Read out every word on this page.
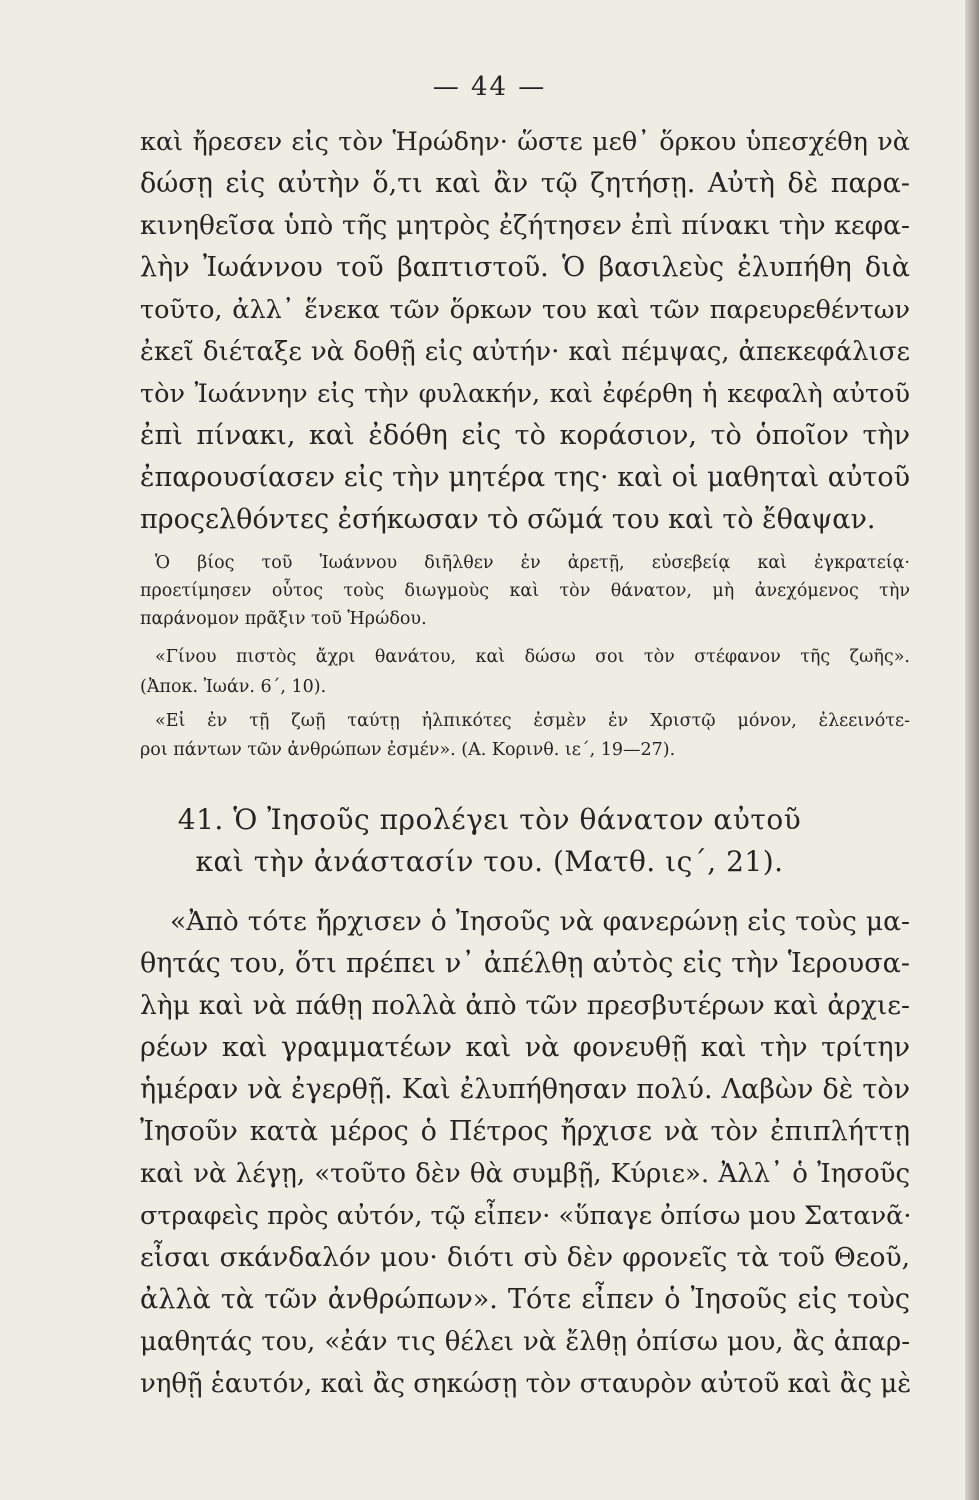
— 44 —

καὶ ἤρεσεν εἰς τὸν Ἡρώδην· ὥστε μεθ᾽ ὅρκου ὑπεσχέθη νὰ

δώσῃ εἰς αὐτὴν ὅ,τι καὶ ἂν τῷ ζητήσῃ. Αὐτὴ δὲ παρα-

κινηθεῖσα ὑπὸ τῆς μητρὸς ἐζήτησεν ἐπὶ πίνακι τὴν κεφα-

λὴν Ἰωάννου τοῦ βαπτιστοῦ. Ὁ βασιλεὺς ἐλυπήθη διὰ

τοῦτο, ἀλλ᾽ ἕνεκα τῶν ὅρκων του καὶ τῶν παρευρεθέντων

ἐκεῖ διέταξε νὰ δοθῇ εἰς αὐτήν· καὶ πέμψας, ἀπεκεφάλισε

τὸν Ἰωάννην εἰς τὴν φυλακήν, καὶ ἐφέρθη ἡ κεφαλὴ αὐτοῦ

ἐπὶ πίνακι, καὶ ἐδόθη εἰς τὸ κοράσιον, τὸ ὁποῖον τὴν

ἐπαρουσίασεν εἰς τὴν μητέρα της· καὶ οἱ μαθηταὶ αὐτοῦ

προςελθόντες ἐσήκωσαν τὸ σῶμά του καὶ τὸ ἔθαψαν.

Ὁ βίος τοῦ Ἰωάννου διῆλθεν ἐν ἀρετῇ, εὐσεβείᾳ καὶ ἐγκρατείᾳ·

προετίμησεν οὗτος τοὺς διωγμοὺς καὶ τὸν θάνατον, μὴ ἀνεχόμενος τὴν

παράνομον πρᾶξιν τοῦ Ἡρώδου.

«Γίνου πιστὸς ἄχρι θανάτου, καὶ δώσω σοι τὸν στέφανον τῆς ζωῆς».

(Ἀποκ. Ἰωάν. 6΄, 10).

«Εἰ ἐν τῇ ζωῇ ταύτῃ ἠλπικότες ἐσμὲν ἐν Χριστῷ μόνον, ἐλεεινότε-

ροι πάντων τῶν ἀνθρώπων ἐσμέν». (Α. Κορινθ. ιε΄, 19—27).

41. Ὁ Ἰησοῦς προλέγει τὸν θάνατον αὐτοῦ
καὶ τὴν ἀνάστασίν του. (Ματθ. ις΄, 21).

«Ἀπὸ τότε ἤρχισεν ὁ Ἰησοῦς νὰ φανερώνῃ εἰς τοὺς μα-

θητάς του, ὅτι πρέπει ν᾽ ἀπέλθῃ αὐτὸς εἰς τὴν Ἱερουσα-

λὴμ καὶ νὰ πάθῃ πολλὰ ἀπὸ τῶν πρεσβυτέρων καὶ ἀρχιε-

ρέων καὶ γραμματέων καὶ νὰ φονευθῇ καὶ τὴν τρίτην

ἡμέραν νὰ ἐγερθῇ. Καὶ ἐλυπήθησαν πολύ. Λαβὼν δὲ τὸν

Ἰησοῦν κατὰ μέρος ὁ Πέτρος ἤρχισε νὰ τὸν ἐπιπλήττῃ

καὶ νὰ λέγῃ, «τοῦτο δὲν θὰ συμβῇ, Κύριε». Ἀλλ᾽ ὁ Ἰησοῦς

στραφεὶς πρὸς αὐτόν, τῷ εἶπεν· «ὕπαγε ὀπίσω μου Σατανᾶ·

εἶσαι σκάνδαλόν μου· διότι σὺ δὲν φρονεῖς τὰ τοῦ Θεοῦ,

ἀλλὰ τὰ τῶν ἀνθρώπων». Τότε εἶπεν ὁ Ἰησοῦς εἰς τοὺς

μαθητάς του, «ἐάν τις θέλει νὰ ἔλθῃ ὀπίσω μου, ἂς ἀπαρ-

νηθῇ ἑαυτόν, καὶ ἂς σηκώσῃ τὸν σταυρὸν αὐτοῦ καὶ ἂς μὲ
